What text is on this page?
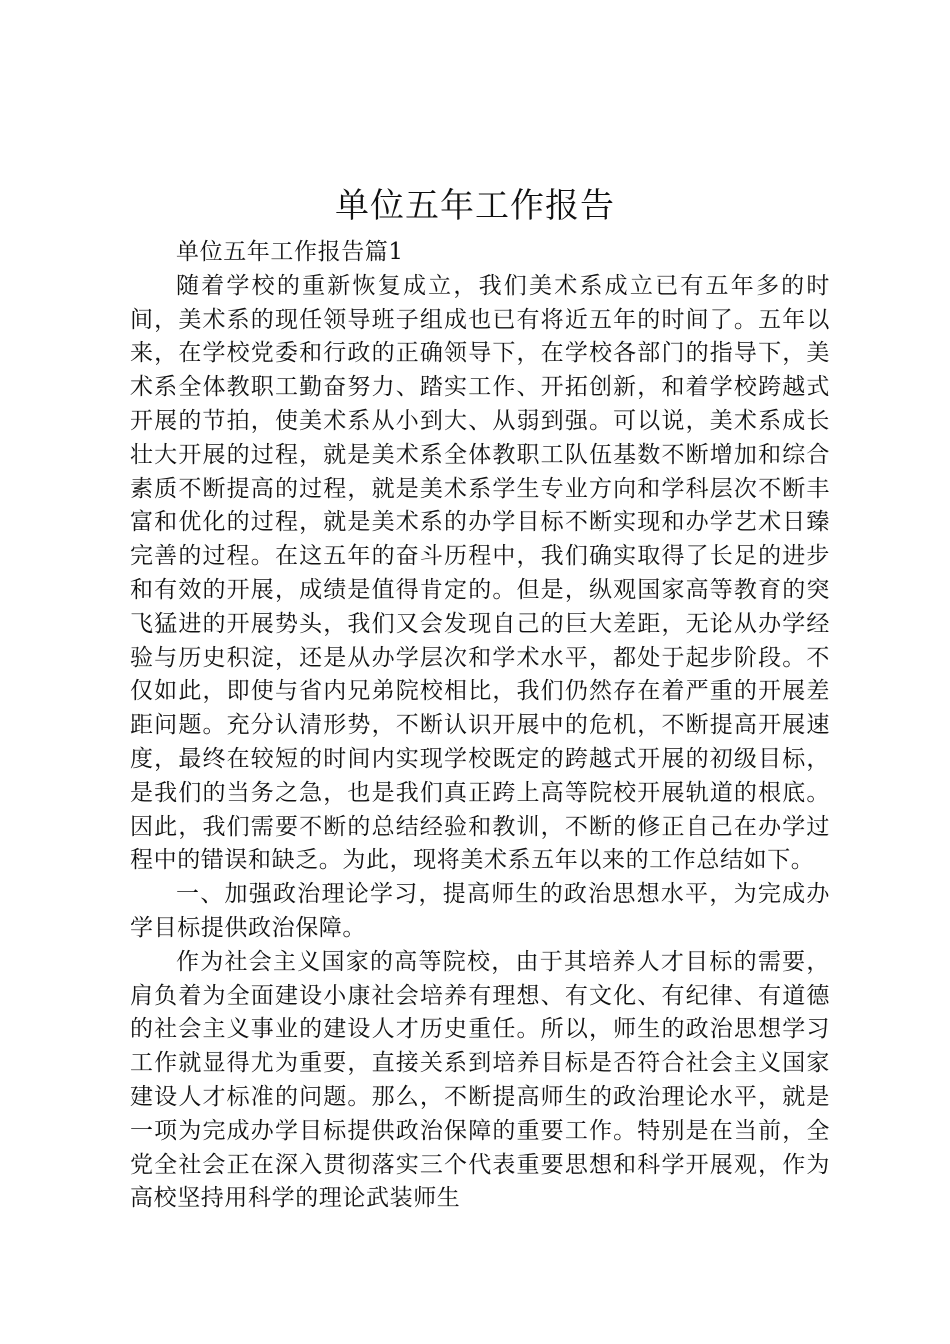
单位五年工作报告

单位五年工作报告篇1

随着学校的重新恢复成立，我们美术系成立已有五年多的时间，美术系的现任领导班子组成也已有将近五年的时间了。五年以来，在学校党委和行政的正确领导下，在学校各部门的指导下，美术系全体教职工勤奋努力、踏实工作、开拓创新，和着学校跨越式开展的节拍，使美术系从小到大、从弱到强。可以说，美术系成长壮大开展的过程，就是美术系全体教职工队伍基数不断增加和综合素质不断提高的过程，就是美术系学生专业方向和学科层次不断丰富和优化的过程，就是美术系的办学目标不断实现和办学艺术日臻完善的过程。在这五年的奋斗历程中，我们确实取得了长足的进步和有效的开展，成绩是值得肯定的。但是，纵观国家高等教育的突飞猛进的开展势头，我们又会发现自己的巨大差距，无论从办学经验与历史积淀，还是从办学层次和学术水平，都处于起步阶段。不仅如此，即使与省内兄弟院校相比，我们仍然存在着严重的开展差距问题。充分认清形势，不断认识开展中的危机，不断提高开展速度，最终在较短的时间内实现学校既定的跨越式开展的初级目标，是我们的当务之急，也是我们真正跨上高等院校开展轨道的根底。因此，我们需要不断的总结经验和教训，不断的修正自己在办学过程中的错误和缺乏。为此，现将美术系五年以来的工作总结如下。

一、加强政治理论学习，提高师生的政治思想水平，为完成办学目标提供政治保障。

作为社会主义国家的高等院校，由于其培养人才目标的需要，肩负着为全面建设小康社会培养有理想、有文化、有纪律、有道德的社会主义事业的建设人才历史重任。所以，师生的政治思想学习工作就显得尤为重要，直接关系到培养目标是否符合社会主义国家建设人才标准的问题。那么，不断提高师生的政治理论水平，就是一项为完成办学目标提供政治保障的重要工作。特别是在当前，全党全社会正在深入贯彻落实三个代表重要思想和科学开展观，作为高校坚持用科学的理论武装师生
